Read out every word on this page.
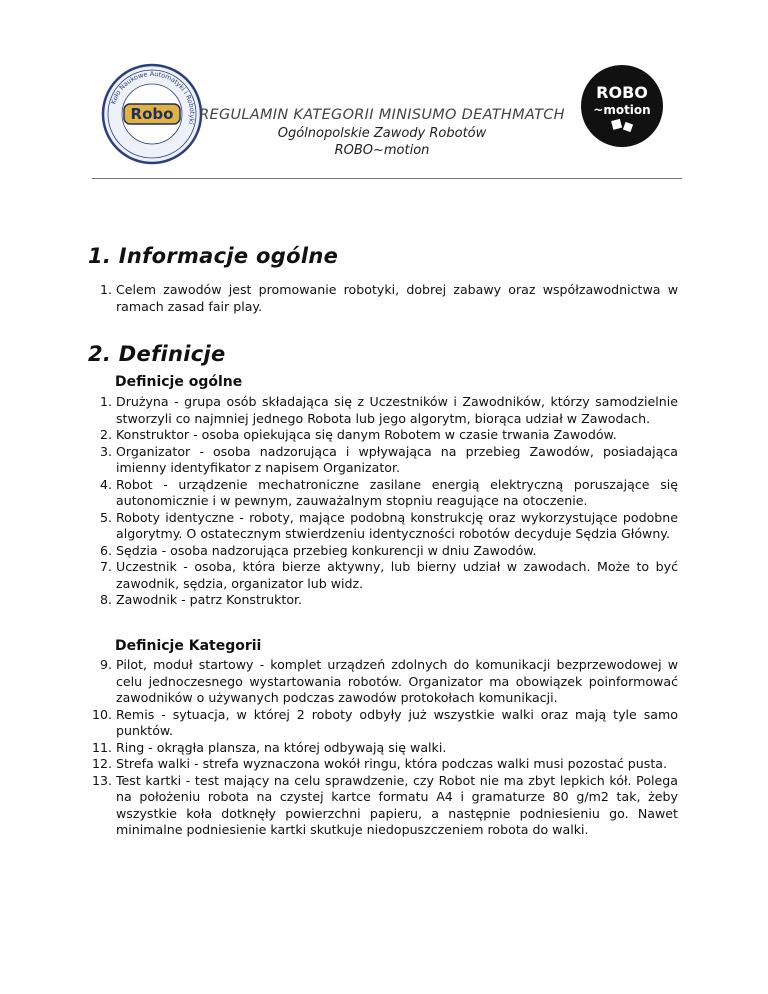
Koło Naukowe Automatyki i Robotyki
Robo	REGULAMIN KATEGORII MINISUMO DEATHMATCH
Ogólnopolskie Zawody Robotów
ROBO~motion
ROBO
~motion
1. Informacje ogólne
1 . Celem zawodów jest promowanie robotyki, dobrej zabawy oraz współzawodnictwa w ramach zasad fair play.
2. Definicje
Definicje ogólne
1 . Drużyna - grupa osób składająca się z Uczestników i Zawodników, którzy samodzielnie stworzyli co najmniej jednego Robota lub jego algorytm, biorąca udział w Zawodach.
2 . Konstruktor - osoba opiekująca się danym Robotem w czasie trwania Zawodów.
3 . Organizator - osoba nadzorująca i wpływająca na przebieg Zawodów, posiadająca imienny identyfikator z napisem Organizator.
4 . Robot - urządzenie mechatroniczne zasilane energią elektryczną poruszające się autonomicznie i w pewnym, zauważalnym stopniu reagujące na otoczenie.
5 . Roboty identyczne - roboty, mające podobną konstrukcję oraz wykorzystujące podobne algorytmy. O ostatecznym stwierdzeniu identyczności robotów decyduje Sędzia Główny.
6 . Sędzia - osoba nadzorująca przebieg konkurencji w dniu Zawodów.
7 . Uczestnik - osoba, która bierze aktywny, lub bierny udział w zawodach. Może to być zawodnik, sędzia, organizator lub widz.
8 . Zawodnik - patrz Konstruktor.
Definicje Kategorii
9 . Pilot, moduł startowy - komplet urządzeń zdolnych do komunikacji bezprzewodowej w celu jednoczesnego wystartowania robotów. Organizator ma obowiązek poinformować zawodników o używanych podczas zawodów protokołach komunikacji.
10 . Remis - sytuacja, w której 2 roboty odbyły już wszystkie walki oraz mają tyle samo punktów.
11 . Ring - okrągła plansza, na której odbywają się walki.
12 . Strefa walki - strefa wyznaczona wokół ringu, która podczas walki musi pozostać pusta.
13 . Test kartki - test mający na celu sprawdzenie, czy Robot nie ma zbyt lepkich kół. Polega na położeniu robota na czystej kartce formatu A4 i gramaturze 80 g/m2 tak, żeby wszystkie koła dotknęły powierzchni papieru, a następnie podniesieniu go. Nawet minimalne podniesienie kartki skutkuje niedopuszczeniem robota do walki.
